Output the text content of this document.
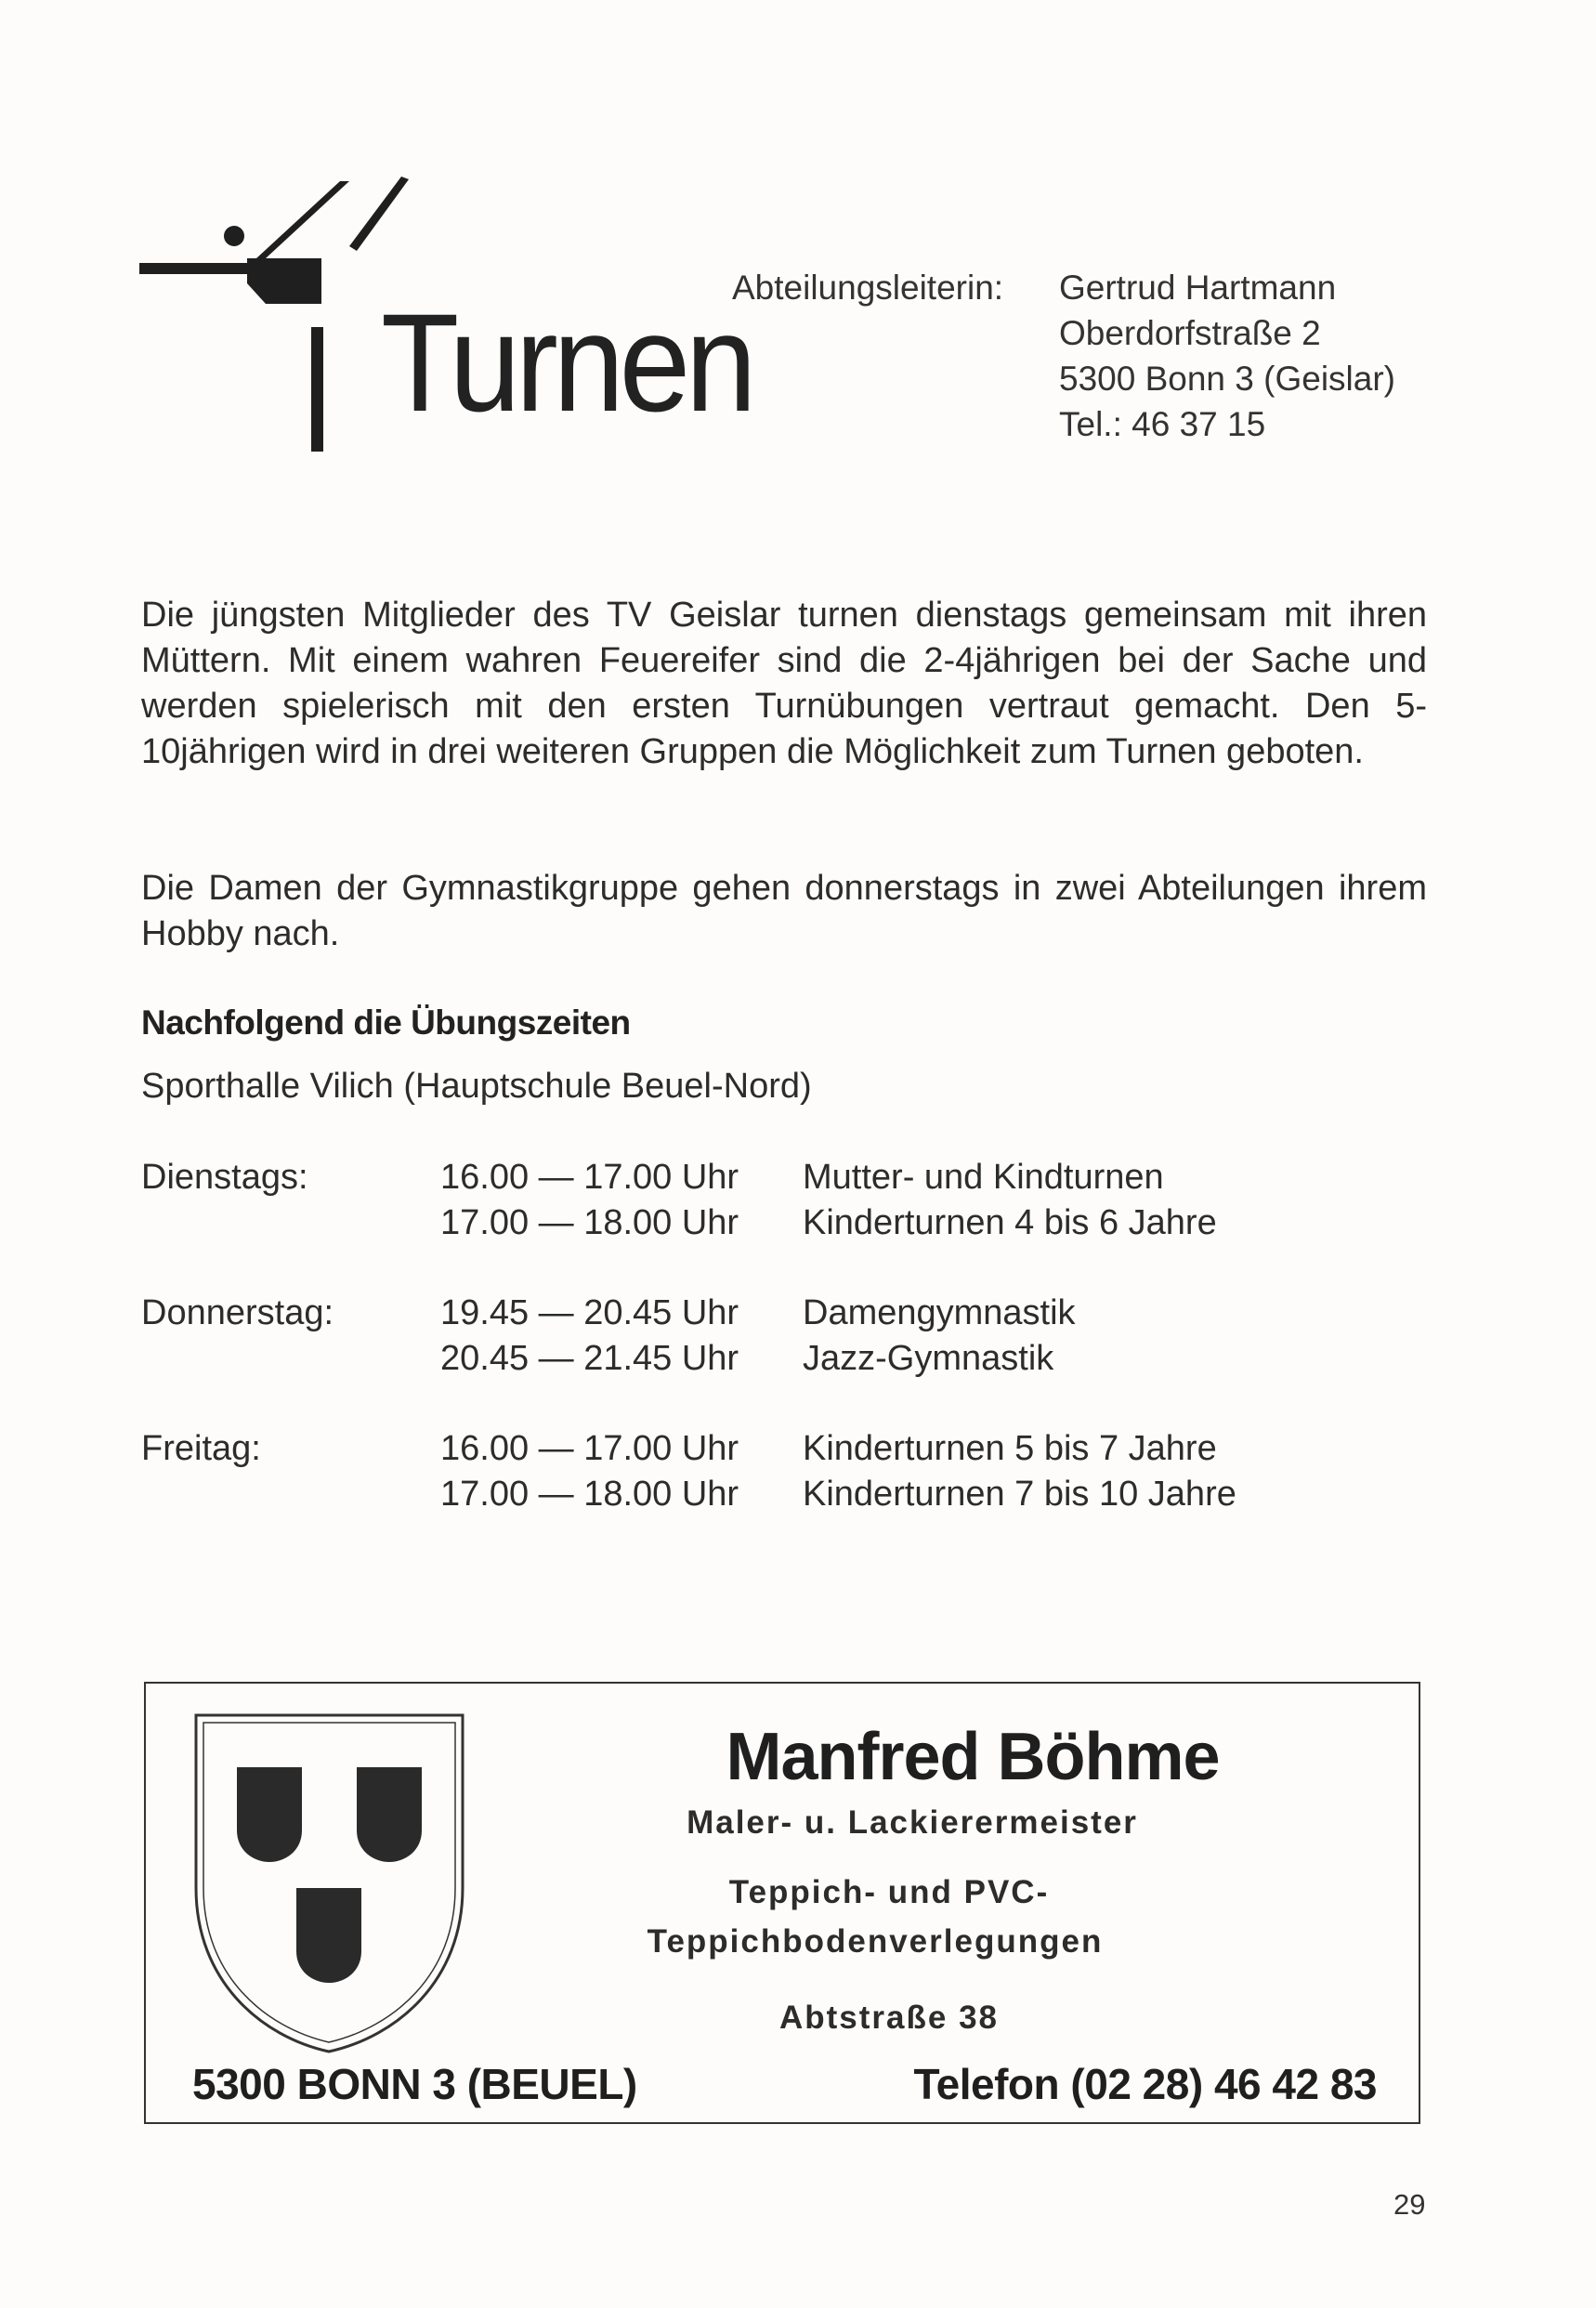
Turnen
Abteilungsleiterin: Gertrud Hartmann
Oberdorfstraße 2
5300 Bonn 3 (Geislar)
Tel.: 46 37 15

Die jüngsten Mitglieder des TV Geislar turnen dienstags gemeinsam mit ihren Müttern. Mit einem wahren Feuereifer sind die 2-4jährigen bei der Sache und werden spielerisch mit den ersten Turnübungen vertraut gemacht. Den 5-10jährigen wird in drei weiteren Gruppen die Möglichkeit zum Turnen geboten.

Die Damen der Gymnastikgruppe gehen donnerstags in zwei Abteilungen ihrem Hobby nach.

Nachfolgend die Übungszeiten
Sporthalle Vilich (Hauptschule Beuel-Nord)
Dienstags:	16.00 — 17.00 Uhr Mutter- und Kindturnen
17.00 — 18.00 Uhr Kinderturnen 4 bis 6 Jahre
Donnerstag:	19.45 — 20.45 Uhr Damengymnastik
20.45 — 21.45 Uhr Jazz-Gymnastik
Freitag:	16.00 — 17.00 Uhr Kinderturnen 5 bis 7 Jahre
17.00 — 18.00 Uhr Kinderturnen 7 bis 10 Jahre
Manfred Böhme
Maler- u. Lackierermeister
Teppich- und PVC-
Teppichbodenverlegungen
Abtstraße 38
5300 BONN 3 (BEUEL)	Telefon (02 28) 46 42 83
29
